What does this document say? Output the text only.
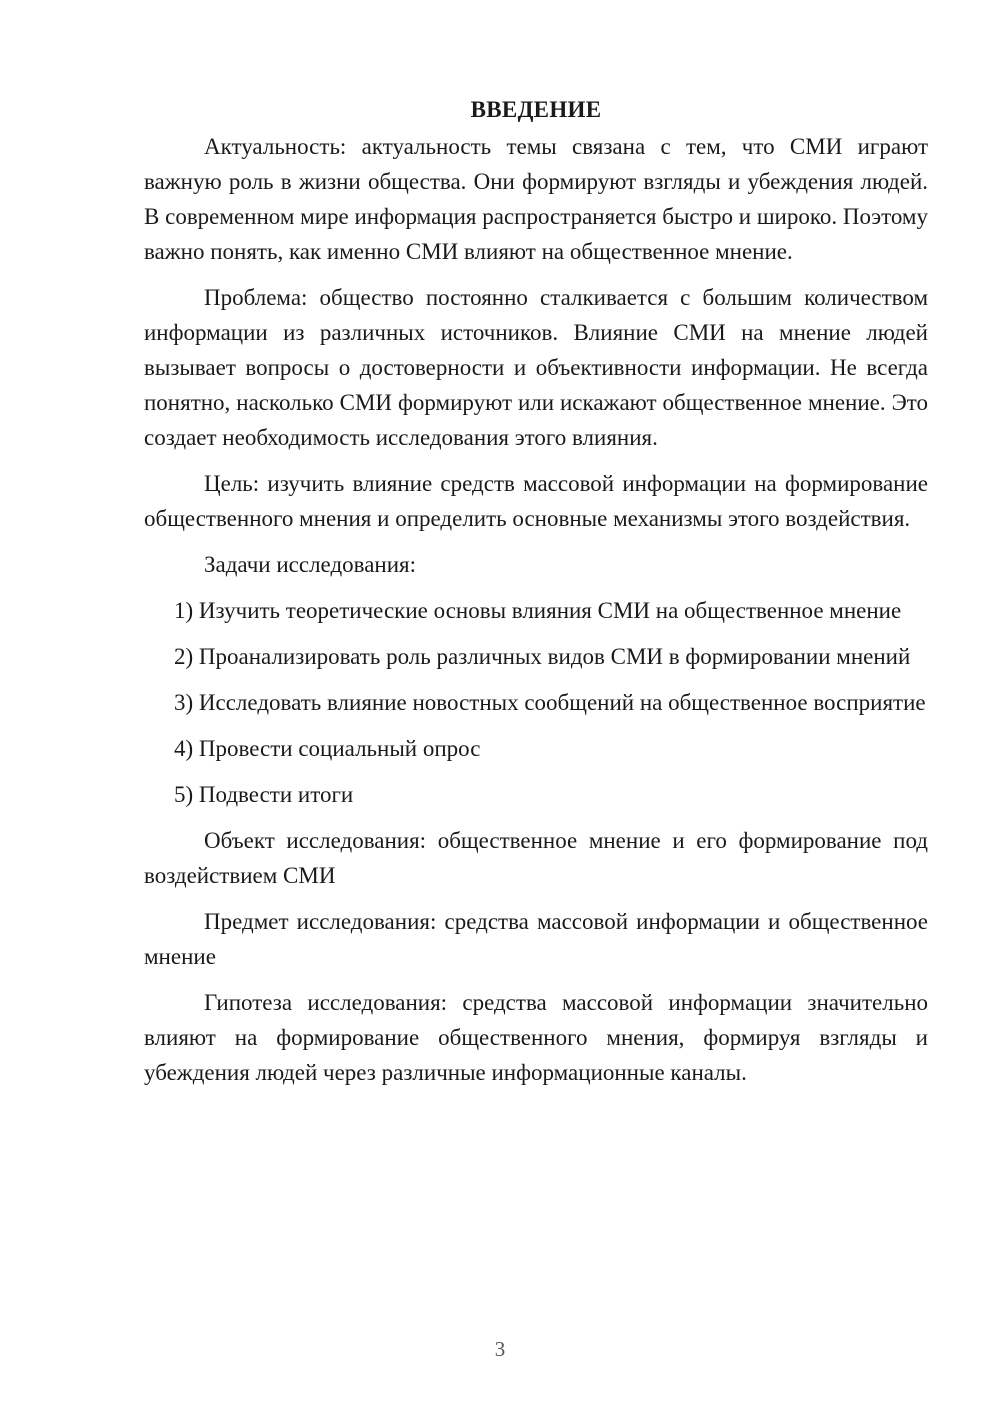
ВВЕДЕНИЕ

Актуальность: актуальность темы связана с тем, что СМИ играют важную роль в жизни общества. Они формируют взгляды и убеждения людей. В современном мире информация распространяется быстро и широко. Поэтому важно понять, как именно СМИ влияют на общественное мнение.

Проблема: общество постоянно сталкивается с большим количеством информации из различных источников. Влияние СМИ на мнение людей вызывает вопросы о достоверности и объективности информации. Не всегда понятно, насколько СМИ формируют или искажают общественное мнение. Это создает необходимость исследования этого влияния.

Цель: изучить влияние средств массовой информации на формирование общественного мнения и определить основные механизмы этого воздействия.

Задачи исследования:

1) Изучить теоретические основы влияния СМИ на общественное мнение

2) Проанализировать роль различных видов СМИ в формировании мнений

3) Исследовать влияние новостных сообщений на общественное восприятие

4) Провести социальный опрос

5) Подвести итоги

Объект исследования: общественное мнение и его формирование под воздействием СМИ

Предмет исследования: средства массовой информации и общественное мнение

Гипотеза исследования: средства массовой информации значительно влияют на формирование общественного мнения, формируя взгляды и убеждения людей через различные информационные каналы.

3
